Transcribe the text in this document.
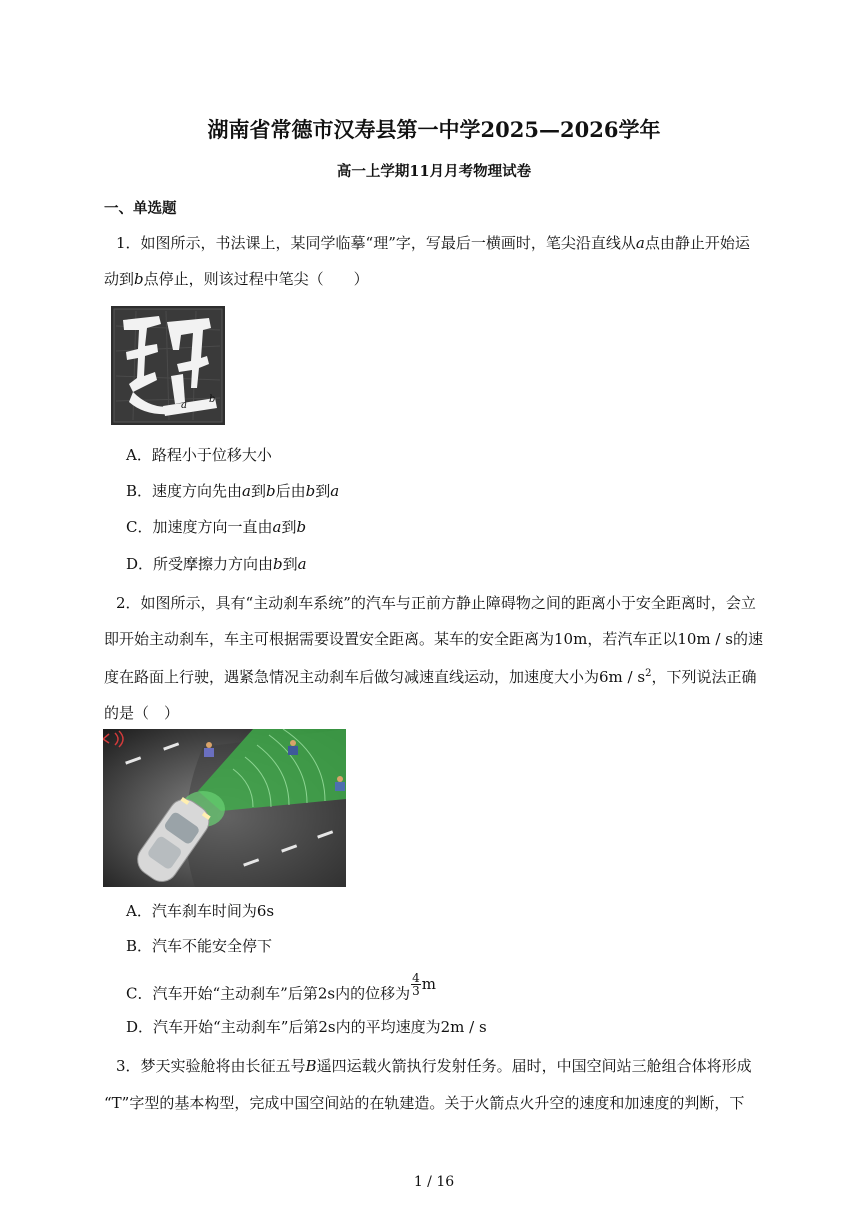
湖南省常德市汉寿县第一中学2025—2026学年
高一上学期11月月考物理试卷
一、单选题
1．如图所示，书法课上，某同学临摹“理”字，写最后一横画时，笔尖沿直线从a点由静止开始运
动到b点停止，则该过程中笔尖（　　）
a
b
A．路程小于位移大小
B．速度方向先由a到b后由b到a
C．加速度方向一直由a到b
D．所受摩擦力方向由b到a
2．如图所示，具有“主动刹车系统”的汽车与正前方静止障碍物之间的距离小于安全距离时，会立
即开始主动刹车，车主可根据需要设置安全距离。某车的安全距离为10m，若汽车正以10m / s的速
度在路面上行驶，遇紧急情况主动刹车后做匀减速直线运动，加速度大小为$6m / s^2$，下列说法正确
的是（　）
A．汽车刹车时间为6s
B．汽车不能安全停下
C．汽车开始“主动刹车”后第2s内的位移为 $\frac{4}{3}$ m
D．汽车开始“主动刹车”后第2s内的平均速度为2m / s
3．梦天实验舱将由长征五号B遥四运载火箭执行发射任务。届时，中国空间站三舱组合体将形成
“T”字型的基本构型，完成中国空间站的在轨建造。关于火箭点火升空的速度和加速度的判断，下
1 / 16
